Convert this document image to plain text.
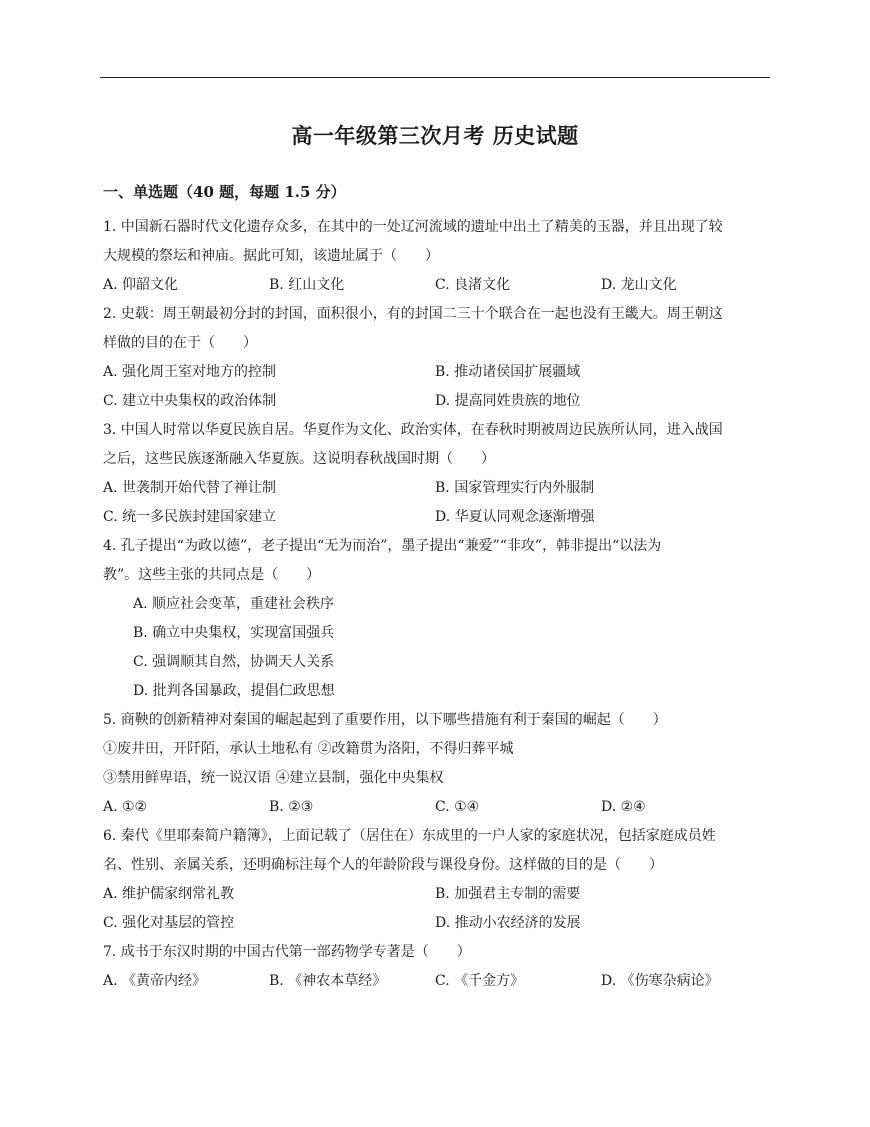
高一年级第三次月考 历史试题
一、单选题（40 题，每题 1.5 分）
1. 中国新石器时代文化遗存众多，在其中的一处辽河流域的遗址中出土了精美的玉器，并且出现了较
大规模的祭坛和神庙。据此可知，该遗址属于（　　）
A. 仰韶文化	B. 红山文化	C. 良渚文化	D. 龙山文化
2. 史载：周王朝最初分封的封国，面积很小，有的封国二三十个联合在一起也没有王畿大。周王朝这
样做的目的在于（　　）
A. 强化周王室对地方的控制	B. 推动诸侯国扩展疆域
C. 建立中央集权的政治体制	D. 提高同姓贵族的地位
3. 中国人时常以华夏民族自居。华夏作为文化、政治实体，在春秋时期被周边民族所认同，进入战国
之后，这些民族逐渐融入华夏族。这说明春秋战国时期（　　）
A. 世袭制开始代替了禅让制	B. 国家管理实行内外服制
C. 统一多民族封建国家建立	D. 华夏认同观念逐渐增强
4. 孔子提出“为政以德”，老子提出“无为而治”，墨子提出“兼爱”“非攻”，韩非提出“以法为
教”。这些主张的共同点是（　　）
A. 顺应社会变革，重建社会秩序
B. 确立中央集权，实现富国强兵
C. 强调顺其自然，协调天人关系
D. 批判各国暴政，提倡仁政思想
5. 商鞅的创新精神对秦国的崛起起到了重要作用，以下哪些措施有利于秦国的崛起（　　）
①废井田，开阡陌，承认土地私有 ②改籍贯为洛阳，不得归葬平城
③禁用鲜卑语，统一说汉语 ④建立县制，强化中央集权
A. ①②	B. ②③	C. ①④	D. ②④
6. 秦代《里耶秦简户籍簿》，上面记载了（居住在）东成里的一户人家的家庭状况，包括家庭成员姓
名、性别、亲属关系，还明确标注每个人的年龄阶段与课役身份。这样做的目的是（　　）
A. 维护儒家纲常礼教	B. 加强君主专制的需要
C. 强化对基层的管控	D. 推动小农经济的发展
7. 成书于东汉时期的中国古代第一部药物学专著是（　　）
A. 《黄帝内经》	B. 《神农本草经》	C. 《千金方》	D. 《伤寒杂病论》
